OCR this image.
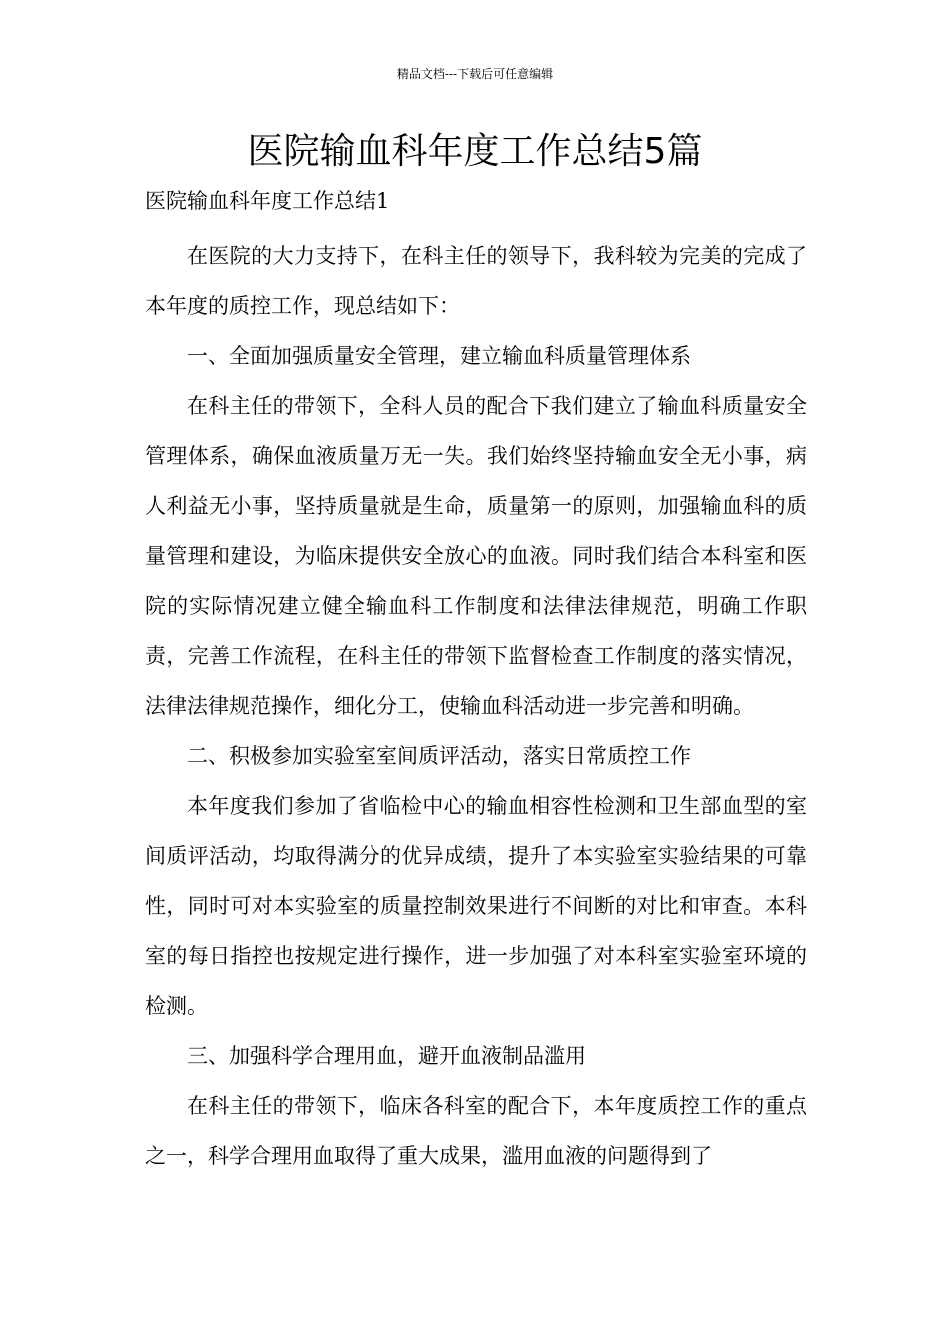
精品文档---下载后可任意编辑
医院输血科年度工作总结5篇

医院输血科年度工作总结1

在医院的大力支持下，在科主任的领导下，我科较为完美的完成了本年度的质控工作，现总结如下：

一、全面加强质量安全管理，建立输血科质量管理体系

在科主任的带领下，全科人员的配合下我们建立了输血科质量安全管理体系，确保血液质量万无一失。我们始终坚持输血安全无小事，病人利益无小事，坚持质量就是生命，质量第一的原则，加强输血科的质量管理和建设，为临床提供安全放心的血液。同时我们结合本科室和医院的实际情况建立健全输血科工作制度和法律法律规范，明确工作职责，完善工作流程，在科主任的带领下监督检查工作制度的落实情况，法律法律规范操作，细化分工，使输血科活动进一步完善和明确。

二、积极参加实验室室间质评活动，落实日常质控工作

本年度我们参加了省临检中心的输血相容性检测和卫生部血型的室间质评活动，均取得满分的优异成绩，提升了本实验室实验结果的可靠性，同时可对本实验室的质量控制效果进行不间断的对比和审查。本科室的每日指控也按规定进行操作，进一步加强了对本科室实验室环境的检测。

三、加强科学合理用血，避开血液制品滥用

在科主任的带领下，临床各科室的配合下，本年度质控工作的重点之一，科学合理用血取得了重大成果，滥用血液的问题得到了
